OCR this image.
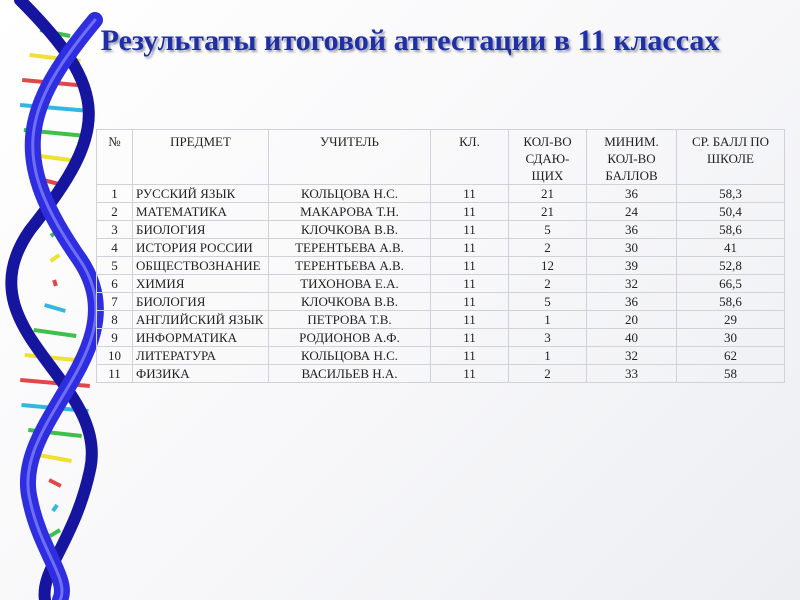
Результаты итоговой аттестации в 11 классах
№	ПРЕДМЕТ	УЧИТЕЛЬ	КЛ.	КОЛ-ВО СДАЮ-ЩИХ	МИНИМ. КОЛ-ВО БАЛЛОВ	СР. БАЛЛ ПО ШКОЛЕ
1	РУССКИЙ ЯЗЫК	КОЛЬЦОВА Н.С.	11	21	36	58,3
2	МАТЕМАТИКА	МАКАРОВА Т.Н.	11	21	24	50,4
3	БИОЛОГИЯ	КЛОЧКОВА В.В.	11	5	36	58,6
4	ИСТОРИЯ РОССИИ	ТЕРЕНТЬЕВА А.В.	11	2	30	41
5	ОБЩЕСТВОЗНАНИЕ	ТЕРЕНТЬЕВА А.В.	11	12	39	52,8
6	ХИМИЯ	ТИХОНОВА Е.А.	11	2	32	66,5
7	БИОЛОГИЯ	КЛОЧКОВА В.В.	11	5	36	58,6
8	АНГЛИЙСКИЙ ЯЗЫК	ПЕТРОВА Т.В.	11	1	20	29
9	ИНФОРМАТИКА	РОДИОНОВ А.Ф.	11	3	40	30
10	ЛИТЕРАТУРА	КОЛЬЦОВА Н.С.	11	1	32	62
11	ФИЗИКА	ВАСИЛЬЕВ Н.А.	11	2	33	58
